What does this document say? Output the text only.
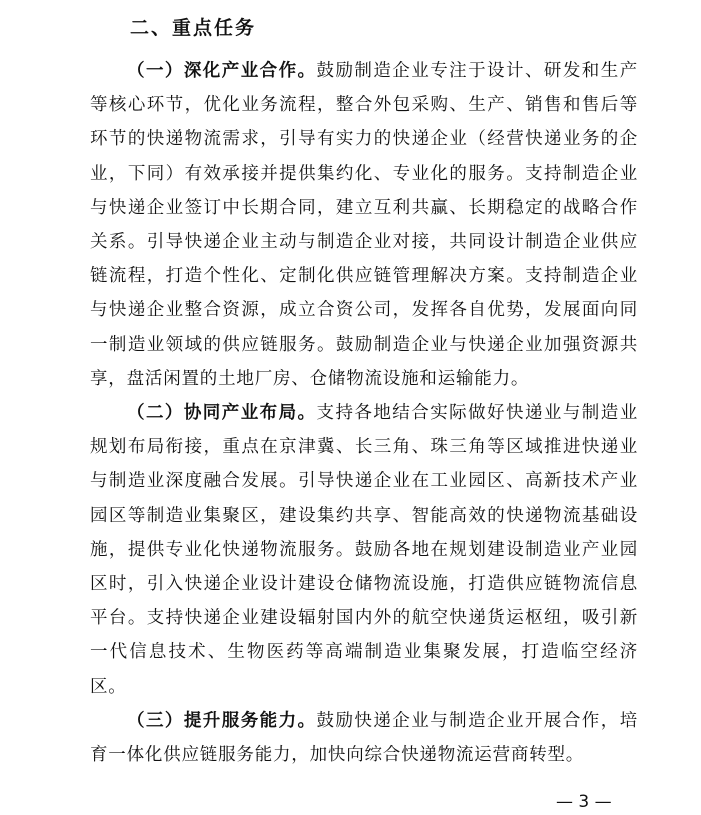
二、重点任务

（一）深化产业合作。鼓励制造企业专注于设计、研发和生产等核心环节，优化业务流程，整合外包采购、生产、销售和售后等环节的快递物流需求，引导有实力的快递企业（经营快递业务的企业，下同）有效承接并提供集约化、专业化的服务。支持制造企业与快递企业签订中长期合同，建立互利共赢、长期稳定的战略合作关系。引导快递企业主动与制造企业对接，共同设计制造企业供应链流程，打造个性化、定制化供应链管理解决方案。支持制造企业与快递企业整合资源，成立合资公司，发挥各自优势，发展面向同一制造业领域的供应链服务。鼓励制造企业与快递企业加强资源共享，盘活闲置的土地厂房、仓储物流设施和运输能力。

（二）协同产业布局。支持各地结合实际做好快递业与制造业规划布局衔接，重点在京津冀、长三角、珠三角等区域推进快递业与制造业深度融合发展。引导快递企业在工业园区、高新技术产业园区等制造业集聚区，建设集约共享、智能高效的快递物流基础设施，提供专业化快递物流服务。鼓励各地在规划建设制造业产业园区时，引入快递企业设计建设仓储物流设施，打造供应链物流信息平台。支持快递企业建设辐射国内外的航空快递货运枢纽，吸引新一代信息技术、生物医药等高端制造业集聚发展，打造临空经济区。

（三）提升服务能力。鼓励快递企业与制造企业开展合作，培育一体化供应链服务能力，加快向综合快递物流运营商转型。

— 3 —
